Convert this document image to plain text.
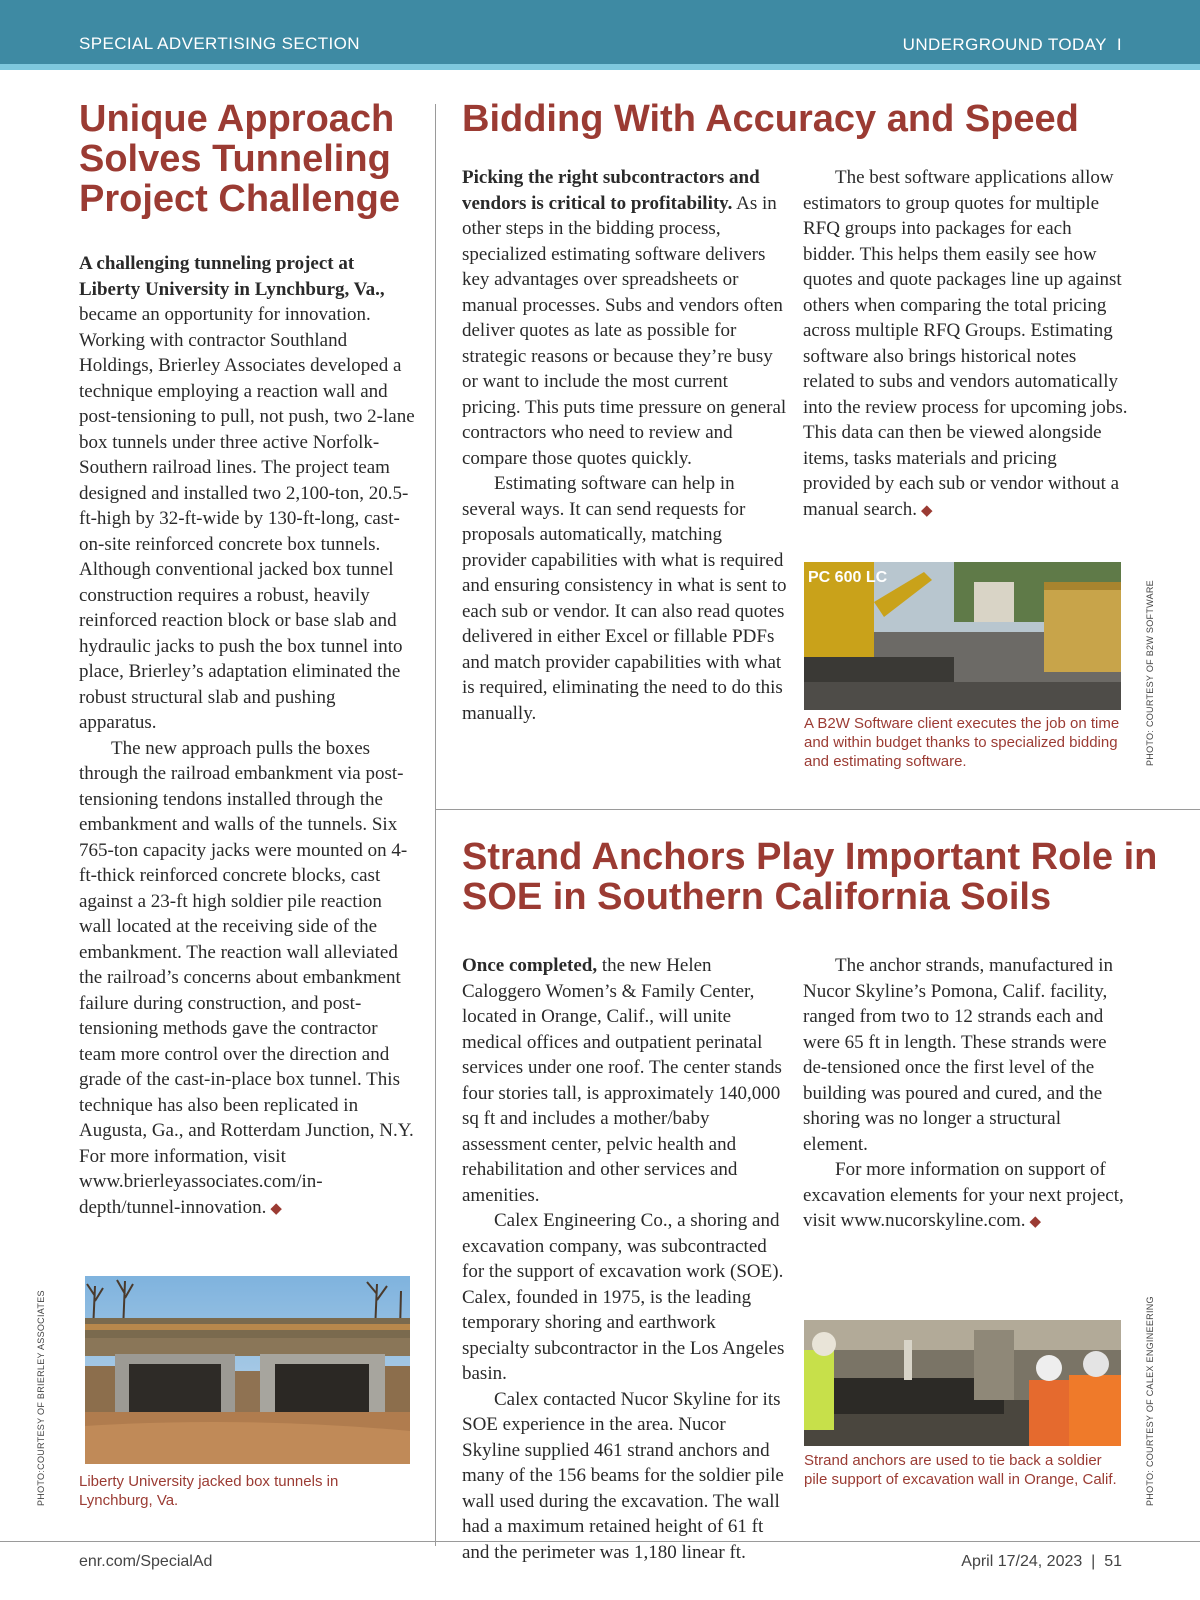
SPECIAL ADVERTISING SECTION	UNDERGROUND TODAY I
Unique Approach Solves Tunneling Project Challenge

A challenging tunneling project at Liberty University in Lynchburg, Va., became an opportunity for innovation. Working with contractor Southland Holdings, Brierley Associates developed a technique employing a reaction wall and post-tensioning to pull, not push, two 2-lane box tunnels under three active Norfolk-Southern railroad lines. The project team designed and installed two 2,100-ton, 20.5-ft-high by 32-ft-wide by 130-ft-long, cast-on-site reinforced concrete box tunnels. Although conventional jacked box tunnel construction requires a robust, heavily reinforced reaction block or base slab and hydraulic jacks to push the box tunnel into place, Brierley’s adaptation eliminated the robust structural slab and pushing apparatus.

The new approach pulls the boxes through the railroad embankment via post-tensioning tendons installed through the embankment and walls of the tunnels. Six 765-ton capacity jacks were mounted on 4-ft-thick reinforced concrete blocks, cast against a 23-ft high soldier pile reaction wall located at the receiving side of the embankment. The reaction wall alleviated the railroad’s concerns about embankment failure during construction, and post-tensioning methods gave the contractor team more control over the direction and grade of the cast-in-place box tunnel. This technique has also been replicated in Augusta, Ga., and Rotterdam Junction, N.Y. For more information, visit www.brierleyassociates.com/in-depth/tunnel-innovation. ◆

Liberty University jacked box tunnels in Lynchburg, Va.
PHOTO:COURTESY OF BRIERLEY ASSOCIATES
Bidding With Accuracy and Speed

Picking the right subcontractors and vendors is critical to profitability. As in other steps in the bidding process, specialized estimating software delivers key advantages over spreadsheets or manual processes. Subs and vendors often deliver quotes as late as possible for strategic reasons or because they’re busy or want to include the most current pricing. This puts time pressure on general contractors who need to review and compare those quotes quickly.

Estimating software can help in several ways. It can send requests for proposals automatically, matching provider capabilities with what is required and ensuring consistency in what is sent to each sub or vendor. It can also read quotes delivered in either Excel or fillable PDFs and match provider capabilities with what is required, eliminating the need to do this manually.

The best software applications allow estimators to group quotes for multiple RFQ groups into packages for each bidder. This helps them easily see how quotes and quote packages line up against others when comparing the total pricing across multiple RFQ Groups. Estimating software also brings historical notes related to subs and vendors automatically into the review process for upcoming jobs. This data can then be viewed alongside items, tasks materials and pricing provided by each sub or vendor without a manual search. ◆

PC 600 LC
A B2W Software client executes the job on time and within budget thanks to specialized bidding and estimating software.	PHOTO: COURTESY OF B2W SOFTWARE
Strand Anchors Play Important Role in SOE in Southern California Soils

Once completed, the new Helen Caloggero Women’s & Family Center, located in Orange, Calif., will unite medical offices and outpatient perinatal services under one roof. The center stands four stories tall, is approximately 140,000 sq ft and includes a mother/baby assessment center, pelvic health and rehabilitation and other services and amenities.

Calex Engineering Co., a shoring and excavation company, was subcontracted for the support of excavation work (SOE). Calex, founded in 1975, is the leading temporary shoring and earthwork specialty subcontractor in the Los Angeles basin.

Calex contacted Nucor Skyline for its SOE experience in the area. Nucor Skyline supplied 461 strand anchors and many of the 156 beams for the soldier pile wall used during the excavation. The wall had a maximum retained height of 61 ft and the perimeter was 1,180 linear ft.

The anchor strands, manufactured in Nucor Skyline’s Pomona, Calif. facility, ranged from two to 12 strands each and were 65 ft in length. These strands were de-tensioned once the first level of the building was poured and cured, and the shoring was no longer a structural element.

For more information on support of excavation elements for your next project, visit www.nucorskyline.com. ◆

Strand anchors are used to tie back a soldier pile support of excavation wall in Orange, Calif.	PHOTO: COURTESY OF CALEX ENGINEERING
enr.com/SpecialAd	April 17/24, 2023  |  51
